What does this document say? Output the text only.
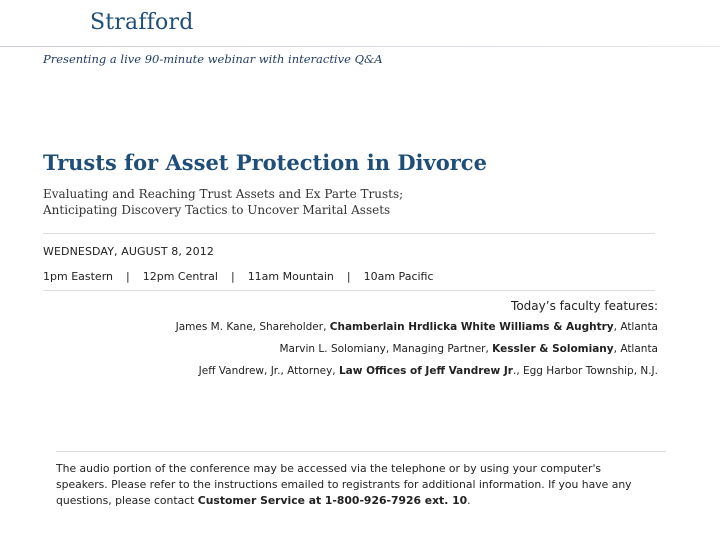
Strafford
Presenting a live 90-minute webinar with interactive Q&A
Trusts for Asset Protection in Divorce
Evaluating and Reaching Trust Assets and Ex Parte Trusts;
Anticipating Discovery Tactics to Uncover Marital Assets
WEDNESDAY, AUGUST 8, 2012
1pm Eastern | 12pm Central | 11am Mountain | 10am Pacific
Today’s faculty features:
James M. Kane, Shareholder, Chamberlain Hrdlicka White Williams & Aughtry, Atlanta
Marvin L. Solomiany, Managing Partner, Kessler & Solomiany, Atlanta
Jeff Vandrew, Jr., Attorney, Law Offices of Jeff Vandrew Jr., Egg Harbor Township, N.J.
The audio portion of the conference may be accessed via the telephone or by using your computer's speakers. Please refer to the instructions emailed to registrants for additional information. If you have any questions, please contact Customer Service at 1-800-926-7926 ext. 10.
